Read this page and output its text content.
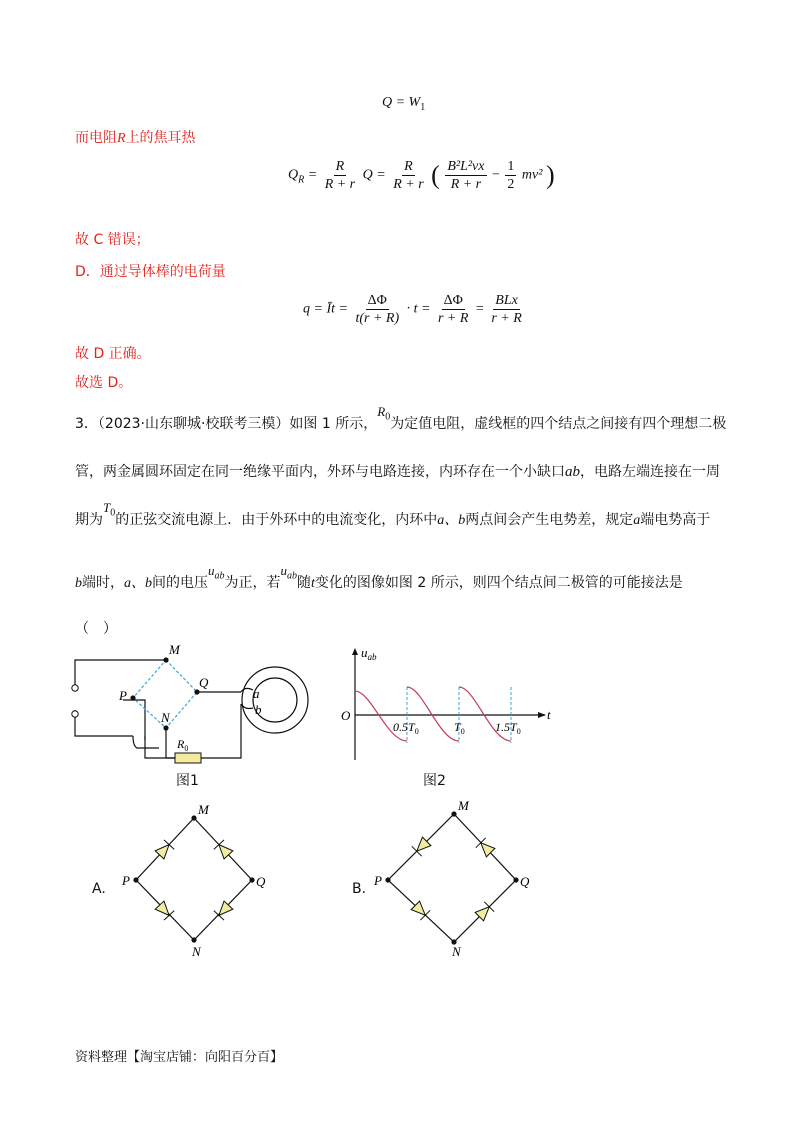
$Q = W_1$
而电阻R上的焦耳热
$Q_R = \frac{R}{R + r}$ $Q = \frac{R}{R + r}$ ( $\frac{\text{B²L²vx}}{R + r} - \frac{1}{2} mv^2$ )
故 C 错误；
D．通过导体棒的电荷量
q = Īt = $\frac{\Delta\Phi}{t(r + R)} \cdot t = \frac{\Delta\Phi}{r + R} = \frac{\text{BLx}}{r + R}$
故 D 正确。
故选 D。
3．（2023·山东聊城·校联考三模）如图 1 所示，$R_0$为定值电阻，虚线框的四个结点之间接有四个理想二极
管，两金属圆环固定在同一绝缘平面内，外环与电路连接，内环存在一个小缺口ab，电路左端连接在一周
期为$T_0$的正弦交流电源上．由于外环中的电流变化，内环中a、b两点间会产生电势差，规定a端电势高于
b端时，a、b间的电压$u_{ab}$为正，若$u_{ab}$随t变化的图像如图 2 所示，则四个结点间二极管的可能接法是
（　）
M
Q
P
N
a
b
$R_0$
图1
$u_{ab}$
t
O
$0.5T_0$	$T_0$	$1.5T_0$
图2
A.
M
Q
N
P
B.
M
Q
N
P
资料整理【淘宝店铺：向阳百分百】
